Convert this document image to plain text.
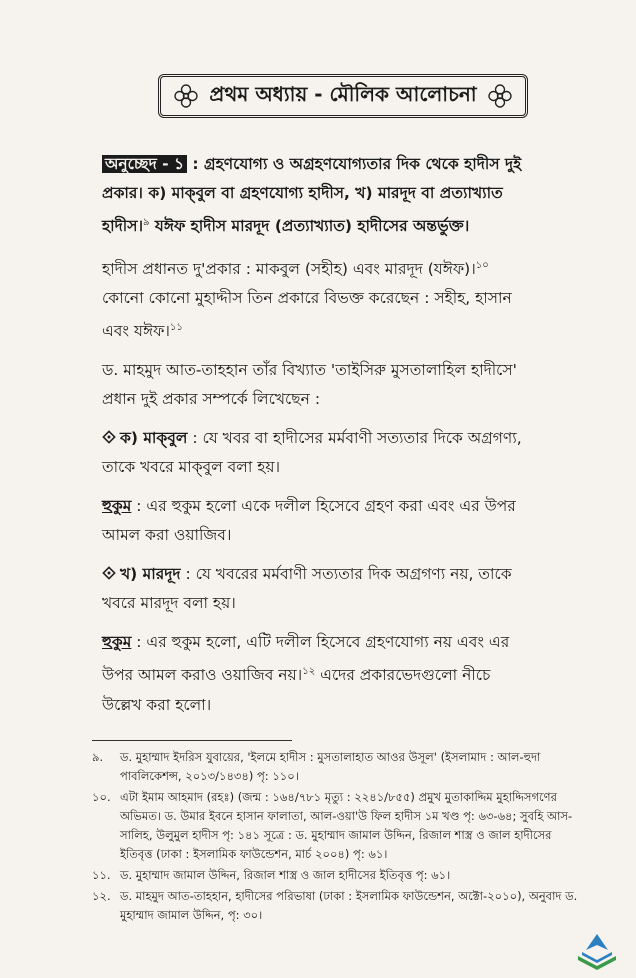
প্রথম অধ্যায় - মৌলিক আলোচনা

অনুচ্ছেদ - ১ : গ্রহণযোগ্য ও অগ্রহণযোগ্যতার দিক থেকে হাদীস দুই প্রকার। ক) মাক্‌বুল বা গ্রহণযোগ্য হাদীস, খ) মারদূদ বা প্রত্যাখ্যাত হাদীস।$^৯$ যঈফ হাদীস মারদূদ (প্রত্যাখ্যাত) হাদীসের অন্তর্ভুক্ত।

হাদীস প্রধানত দু'প্রকার : মাকবুল (সহীহ) এবং মারদূদ (যঈফ)।$^{১০}$ কোনো কোনো মুহাদ্দীস তিন প্রকারে বিভক্ত করেছেন : সহীহ, হাসান এবং যঈফ।$^{১১}$

ড. মাহমুদ আত-তাহহান তাঁর বিখ্যাত 'তাইসিরু মুসতালাহিল হাদীসে' প্রধান দুই প্রকার সম্পর্কে লিখেছেন :

ক) মাক্‌বুল : যে খবর বা হাদীসের মর্মবাণী সত্যতার দিকে অগ্রগণ্য, তাকে খবরে মাক্‌বুল বলা হয়।

হুকুম : এর হুকুম হলো একে দলীল হিসেবে গ্রহণ করা এবং এর উপর আমল করা ওয়াজিব।

খ) মারদূদ : যে খবরের মর্মবাণী সত্যতার দিক অগ্রগণ্য নয়, তাকে খবরে মারদূদ বলা হয়।

হুকুম : এর হুকুম হলো, এটি দলীল হিসেবে গ্রহণযোগ্য নয় এবং এর উপর আমল করাও ওয়াজিব নয়।$^{১২}$ এদের প্রকারভেদগুলো নীচে উল্লেখ করা হলো।

৯.	ড. মুহাম্মাদ ইদরিস যুবায়ের, 'ইলমে হাদীস : মুসতালাহাত আওর উসূল' (ইসলামাদ : আল-হুদা পাবলিকেশন্স, ২০১৩/১৪৩৪) পৃ: ১১০।
১০. এটা ইমাম আহমাদ (রহঃ) (জন্ম : ১৬৪/৭৮১ মৃত্যু : ২২৪১/৮৫৫) প্রমুখ মুতাকাদ্দিম মুহাদ্দিসগণের অভিমত। ড. উমার ইবনে হাসান ফালাতা, আল-ওয়া'উ ফিল হাদীস ১ম খণ্ড পৃ: ৬৩-৬৪; সুবহি আস-সালিহ, উলুমুল হাদীস পৃ: ১৪১ সূত্রে : ড. মুহাম্মাদ জামাল উদ্দিন, রিজাল শাস্ত্র ও জাল হাদীসের ইতিবৃত্ত (ঢাকা : ইসলামিক ফাউন্ডেশন, মার্চ ২০০৪) পৃ: ৬১।
১১. ড. মুহাম্মাদ জামাল উদ্দিন, রিজাল শাস্ত্র ও জাল হাদীসের ইতিবৃত্ত পৃ: ৬১।
১২. ড. মাহমুদ আত-তাহহান, হাদীসের পরিভাষা (ঢাকা : ইসলামিক ফাউন্ডেশন, অক্টো-২০১০), অনুবাদ ড. মুহাম্মাদ জামাল উদ্দিন, পৃ: ৩০।
